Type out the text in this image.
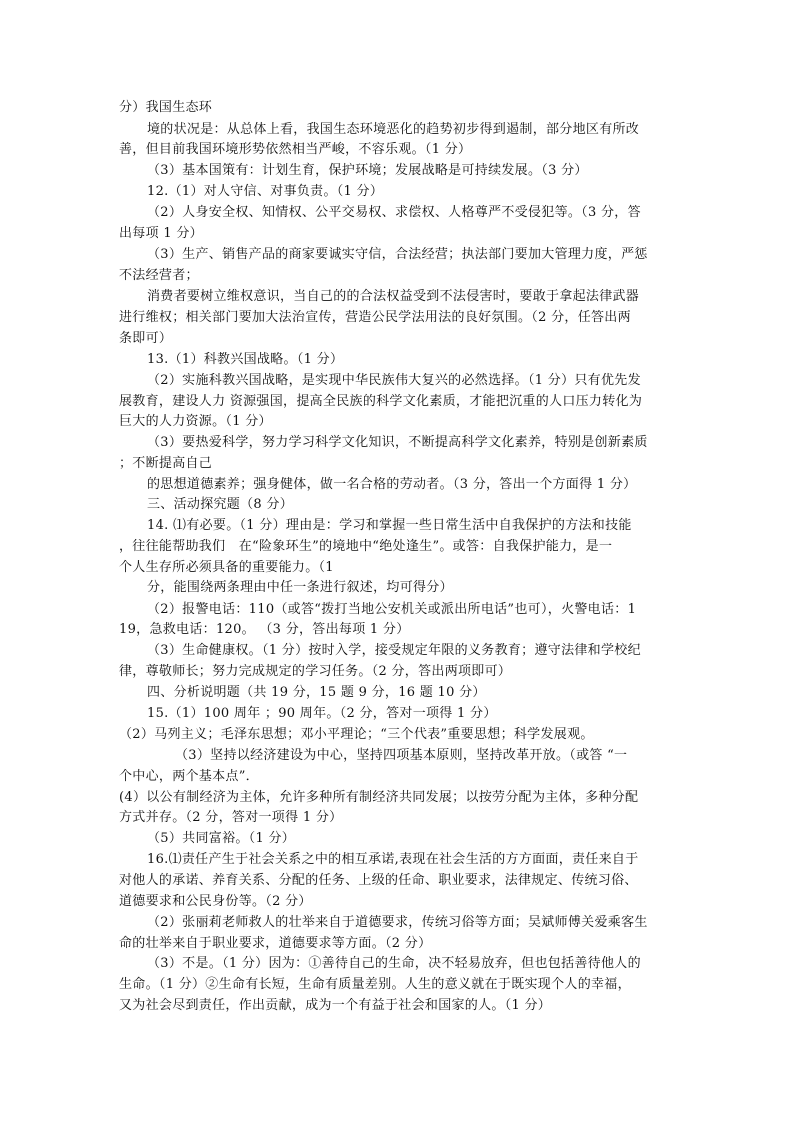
分）我国生态环
境的状况是：从总体上看，我国生态环境恶化的趋势初步得到遏制，部分地区有所改
善，但目前我国环境形势依然相当严峻，不容乐观。（1 分）
（3）基本国策有：计划生育，保护环境；发展战略是可持续发展。（3 分）
12.（1）对人守信、对事负责。（1 分）
（2）人身安全权、知情权、公平交易权、求偿权、人格尊严不受侵犯等。（3 分，答
出每项 1 分）
（3）生产、销售产品的商家要诚实守信，合法经营；执法部门要加大管理力度，严惩
不法经营者；
消费者要树立维权意识，当自己的的合法权益受到不法侵害时，要敢于拿起法律武器
进行维权；相关部门要加大法治宣传，营造公民学法用法的良好氛围。（2 分，任答出两
条即可）
13.（1）科教兴国战略。（1 分）
（2）实施科教兴国战略，是实现中华民族伟大复兴的必然选择。（1 分）只有优先发
展教育，建设人力 资源强国，提高全民族的科学文化素质，才能把沉重的人口压力转化为
巨大的人力资源。（1 分）
（3）要热爱科学，努力学习科学文化知识，不断提高科学文化素养，特别是创新素质
；不断提高自己
的思想道德素养；强身健体，做一名合格的劳动者。（3 分，答出一个方面得 1 分）
三、活动探究题（8 分）
14. ⑴有必要。（1 分）理由是：学习和掌握一些日常生活中自我保护的方法和技能
，往往能帮助我们　在“险象环生”的境地中“绝处逢生”。或答：自我保护能力，是一
个人生存所必须具备的重要能力。（1
分，能围绕两条理由中任一条进行叙述，均可得分）
（2）报警电话：110（或答“拨打当地公安机关或派出所电话”也可），火警电话：1
19，急救电话：120。 （3 分，答出每项 1 分）
（3）生命健康权。（1 分）按时入学，接受规定年限的义务教育；遵守法律和学校纪
律，尊敬师长；努力完成规定的学习任务。（2 分，答出两项即可）
四、分析说明题（共 19 分，15 题 9 分，16 题 10 分）
15.（1）100 周年 ；90 周年。（2 分，答对一项得 1 分）
（2）马列主义；毛泽东思想；邓小平理论；“三个代表”重要思想；科学发展观。
（3）坚持以经济建设为中心，坚持四项基本原则，坚持改革开放。（或答 “一
个中心，两个基本点”．
(4）以公有制经济为主体，允许多种所有制经济共同发展；以按劳分配为主体，多种分配
方式并存。（2 分，答对一项得 1 分）
（5）共同富裕。（1 分）
16.⑴责任产生于社会关系之中的相互承诺,表现在社会生活的方方面面，责任来自于
对他人的承诺、养育关系、分配的任务、上级的任命、职业要求，法律规定、传统习俗、
道德要求和公民身份等。（2 分）
（2）张丽莉老师救人的壮举来自于道德要求，传统习俗等方面；吴斌师傅关爱乘客生
命的壮举来自于职业要求，道德要求等方面。（2 分）
（3）不是。（1 分）因为：①善待自己的生命，决不轻易放弃，但也包括善待他人的
生命。（1 分）②生命有长短，生命有质量差别。人生的意义就在于既实现个人的幸福，
又为社会尽到责任，作出贡献，成为一个有益于社会和国家的人。（1 分）
